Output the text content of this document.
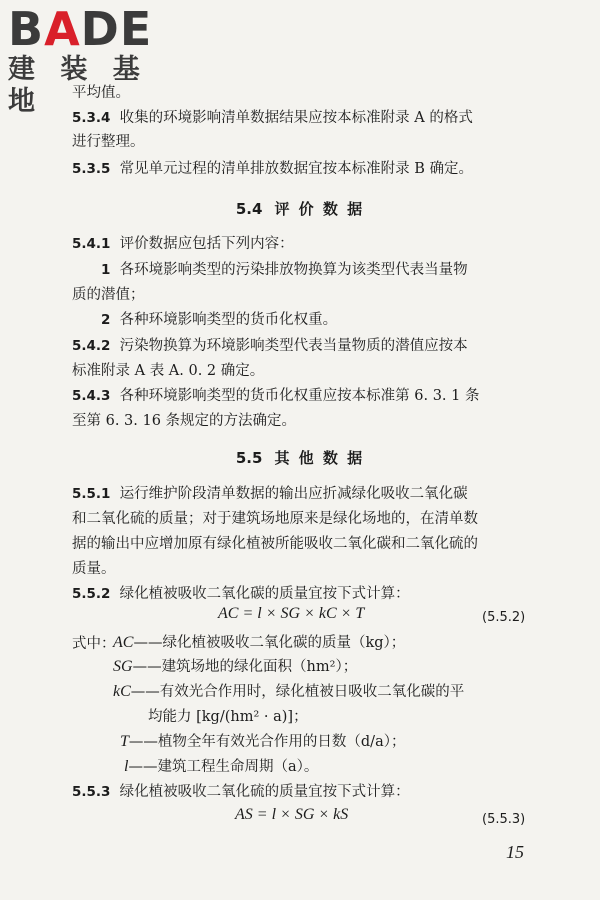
BADE
建 装 基 地	平均值。
5.3.4 收集的环境影响清单数据结果应按本标准附录 A 的格式
进行整理。
5.3.5 常见单元过程的清单排放数据宜按本标准附录 B 确定。
5.4 评 价 数 据
5.4.1 评价数据应包括下列内容：
1 各环境影响类型的污染排放物换算为该类型代表当量物
质的潜值；
2 各种环境影响类型的货币化权重。
5.4.2 污染物换算为环境影响类型代表当量物质的潜值应按本
标准附录 A 表 A. 0. 2 确定。
5.4.3 各种环境影响类型的货币化权重应按本标准第 6. 3. 1 条
至第 6. 3. 16 条规定的方法确定。
5.5 其 他 数 据
5.5.1 运行维护阶段清单数据的输出应折减绿化吸收二氧化碳
和二氧化硫的质量；对于建筑场地原来是绿化场地的，在清单数
据的输出中应增加原有绿化植被所能吸收二氧化碳和二氧化硫的
质量。
5.5.2 绿化植被吸收二氧化碳的质量宜按下式计算：
AC = l × SG × kC × T	(5.5.2)
式中：
AC——绿化植被吸收二氧化碳的质量（kg）；
SG——建筑场地的绿化面积（hm²）；
kC——有效光合作用时，绿化植被日吸收二氧化碳的平
均能力 [kg/(hm² · a)]；
T——植物全年有效光合作用的日数（d/a）；
l——建筑工程生命周期（a）。
5.5.3 绿化植被吸收二氧化硫的质量宜按下式计算：
AS = l × SG × kS	(5.5.3)
15
